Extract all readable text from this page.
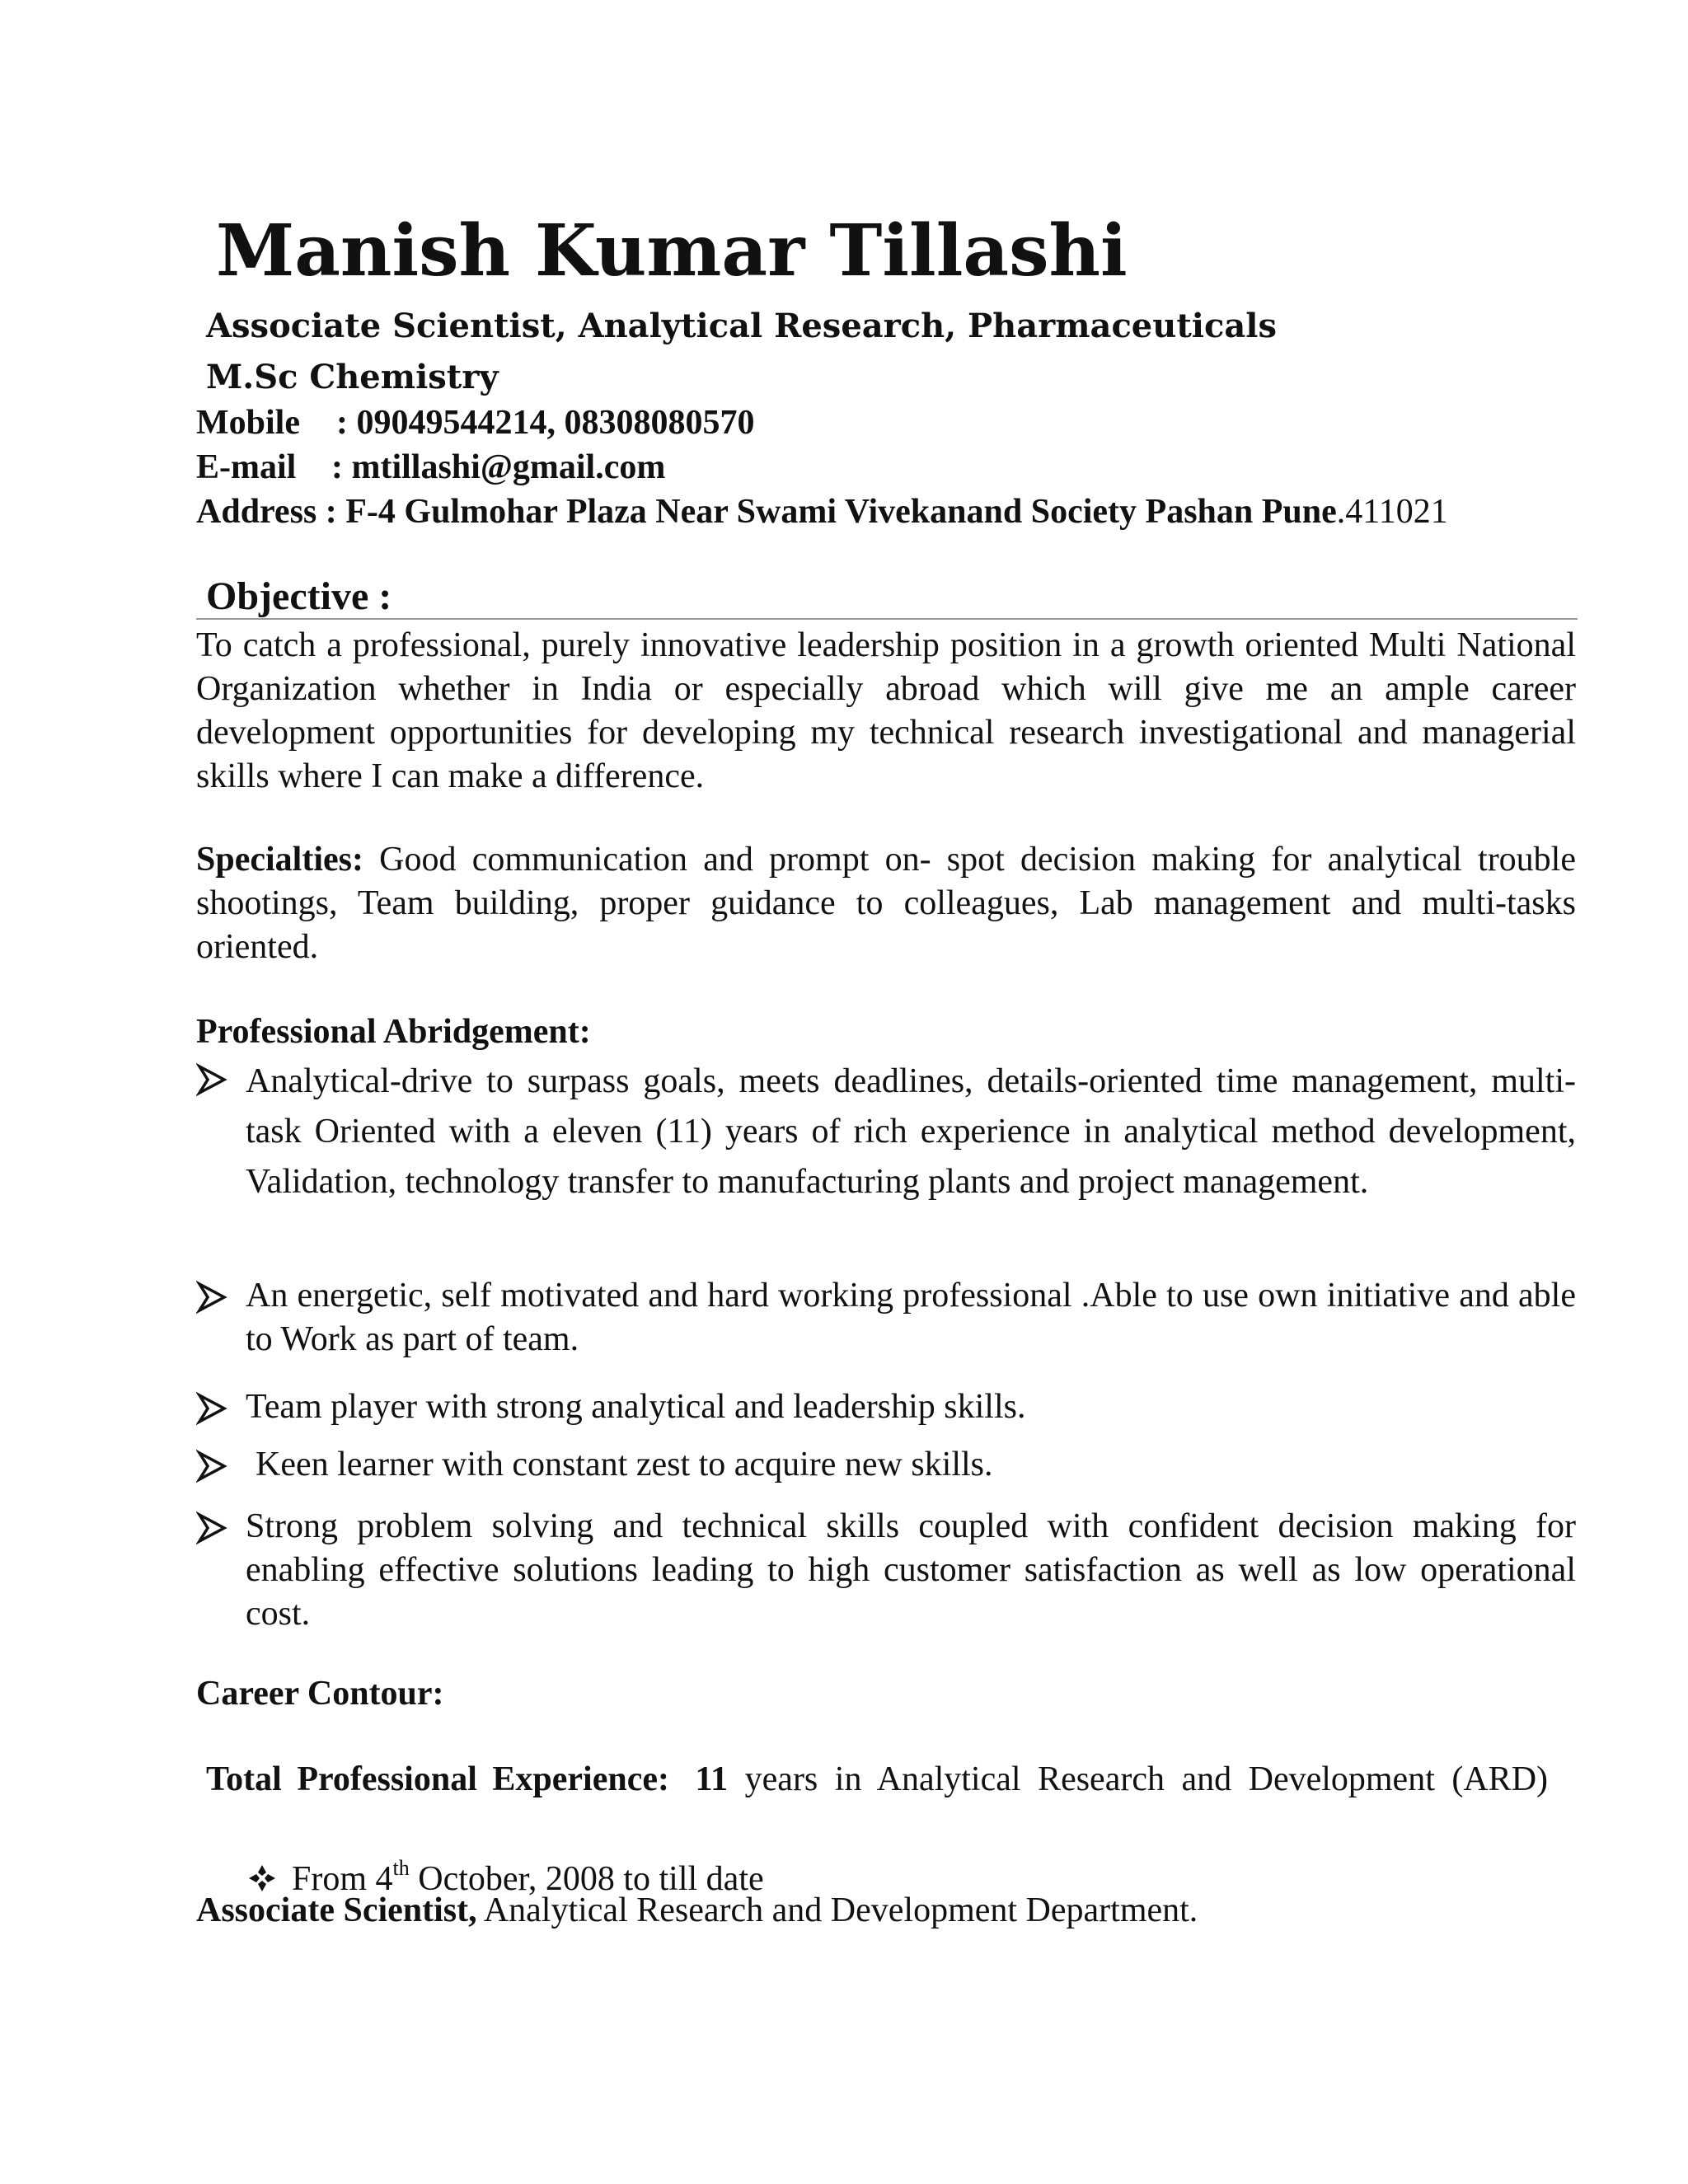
Manish Kumar Tillashi
Associate Scientist, Analytical Research, Pharmaceuticals
M.Sc Chemistry
Mobile : 09049544214, 08308080570
E-mail : mtillashi@gmail.com
Address : F-4 Gulmohar Plaza Near Swami Vivekanand Society Pashan Pune.411021
Objective :
To catch a professional, purely innovative leadership position in a growth oriented Multi National Organization whether in India or especially abroad which will give me an ample career development opportunities for developing my technical research investigational and managerial skills where I can make a difference.
Specialties: Good communication and prompt on- spot decision making for analytical trouble shootings, Team building, proper guidance to colleagues, Lab management and multi-tasks oriented.
Professional Abridgement:
Analytical-drive to surpass goals, meets deadlines, details-oriented time management, multi- task Oriented with a eleven (11) years of rich experience in analytical method development, Validation, technology transfer to manufacturing plants and project management.
An energetic, self motivated and hard working professional .Able to use own initiative and able to Work as part of team.
Team player with strong analytical and leadership skills.
Keen learner with constant zest to acquire new skills.
Strong problem solving and technical skills coupled with confident decision making for enabling effective solutions leading to high customer satisfaction as well as low operational cost.
Career Contour:
Total Professional Experience: 11 years in Analytical Research and Development (ARD)
From 4th October, 2008 to till date
Associate Scientist, Analytical Research and Development Department.
